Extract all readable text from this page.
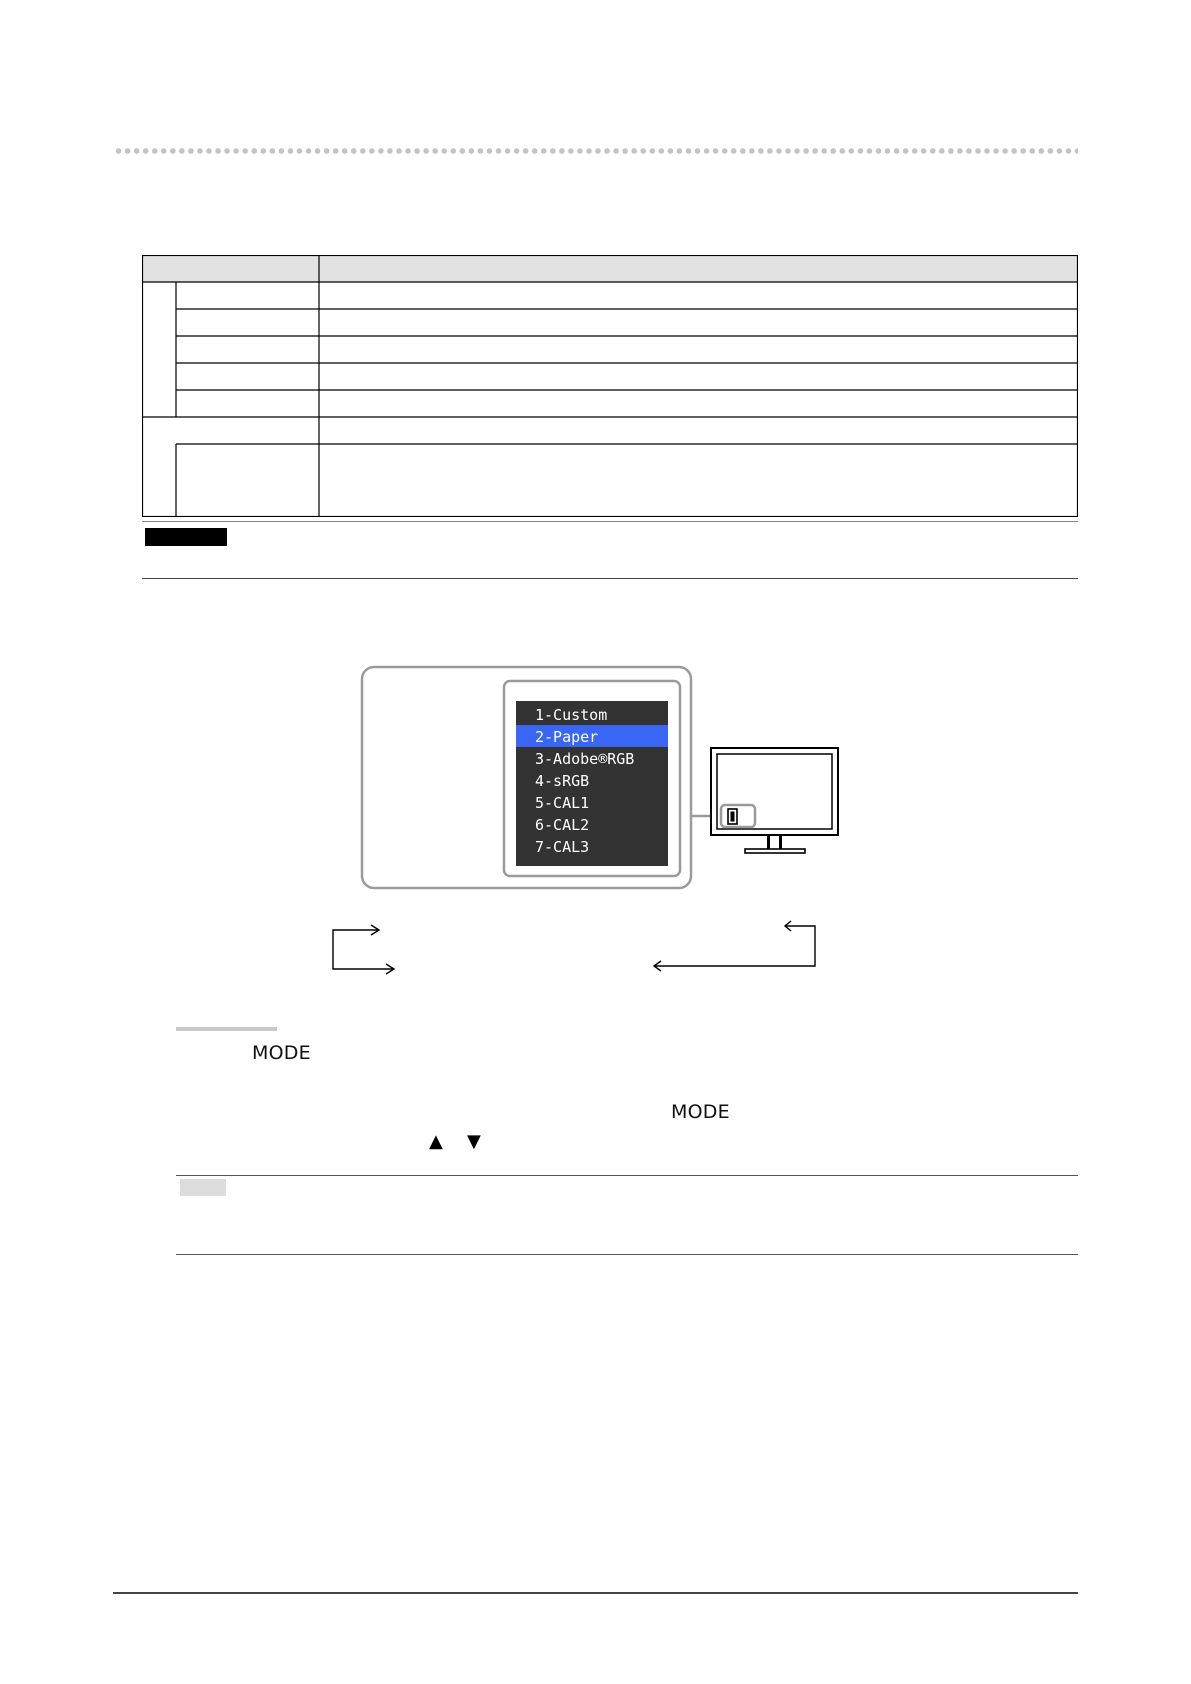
1-Custom
2-Paper
3-Adobe®RGB
4-sRGB
5-CAL1
6-CAL2
7-CAL3
MODE
MODE
▲ ▼
